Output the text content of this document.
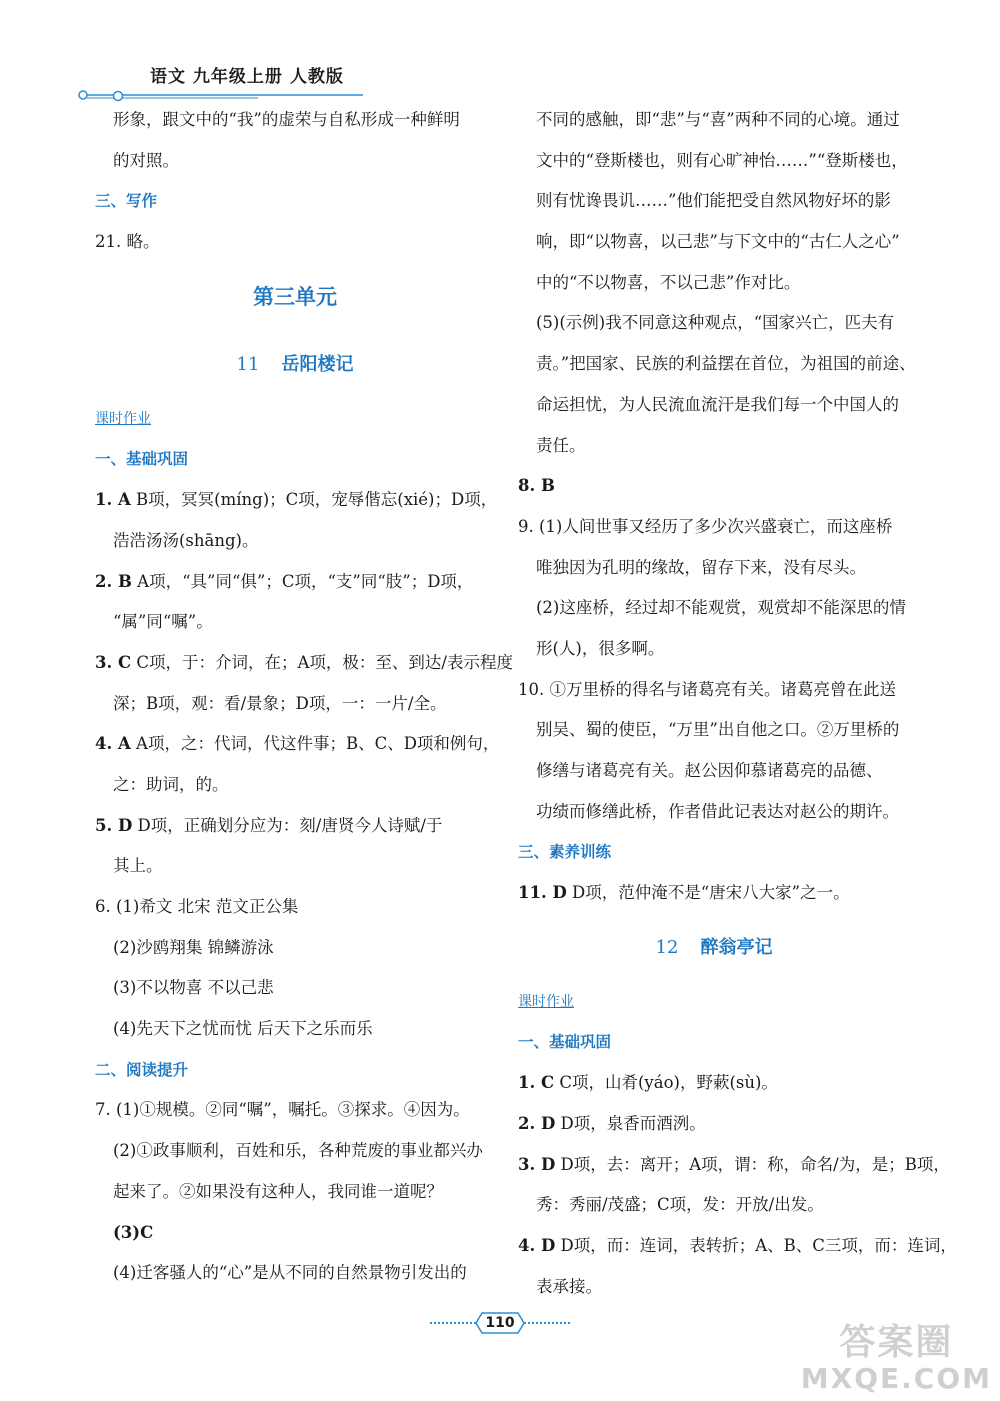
语文 九年级上册 人教版
形象，跟文中的“我”的虚荣与自私形成一种鲜明
的对照。
三、写作
21. 略。
第三单元
11 岳阳楼记
课时作业
一、基础巩固
1. A B项，冥冥(míng)；C项，宠辱偕忘(xié)；D项，
浩浩汤汤(shāng)。
2. B A项，“具”同“俱”；C项，“支”同“肢”；D项，
“属”同“嘱”。
3. C C项，于：介词，在；A项，极：至、到达/表示程度
深；B项，观：看/景象；D项，一：一片/全。
4. A A项，之：代词，代这件事；B、C、D项和例句，
之：助词，的。
5. D D项，正确划分应为：刻/唐贤今人诗赋/于
其上。
6. (1)希文 北宋 范文正公集
(2)沙鸥翔集 锦鳞游泳
(3)不以物喜 不以己悲
(4)先天下之忧而忧 后天下之乐而乐
二、阅读提升
7. (1)①规模。②同“嘱”，嘱托。③探求。④因为。
(2)①政事顺利，百姓和乐，各种荒废的事业都兴办
起来了。②如果没有这种人，我同谁一道呢？
(3)C
(4)迁客骚人的“心”是从不同的自然景物引发出的
不同的感触，即“悲”与“喜”两种不同的心境。通过
文中的“登斯楼也，则有心旷神怡……”“登斯楼也，
则有忧谗畏讥……”他们能把受自然风物好坏的影
响，即“以物喜，以己悲”与下文中的“古仁人之心”
中的“不以物喜，不以己悲”作对比。
(5)(示例)我不同意这种观点，“国家兴亡，匹夫有
责。”把国家、民族的利益摆在首位，为祖国的前途、
命运担忧，为人民流血流汗是我们每一个中国人的
责任。
8. B
9. (1)人间世事又经历了多少次兴盛衰亡，而这座桥
唯独因为孔明的缘故，留存下来，没有尽头。
(2)这座桥，经过却不能观赏，观赏却不能深思的情
形(人)，很多啊。
10. ①万里桥的得名与诸葛亮有关。诸葛亮曾在此送
别吴、蜀的使臣，“万里”出自他之口。②万里桥的
修缮与诸葛亮有关。赵公因仰慕诸葛亮的品德、
功绩而修缮此桥，作者借此记表达对赵公的期许。
三、素养训练
11. D D项，范仲淹不是“唐宋八大家”之一。
12 醉翁亭记
课时作业
一、基础巩固
1. C C项，山肴(yáo)，野蔌(sù)。
2. D D项，泉香而酒洌。
3. D D项，去：离开；A项，谓：称，命名/为，是；B项，
秀：秀丽/茂盛；C项，发：开放/出发。
4. D D项，而：连词，表转折；A、B、C三项，而：连词，
表承接。
110	答案圈
MXQE.COM
